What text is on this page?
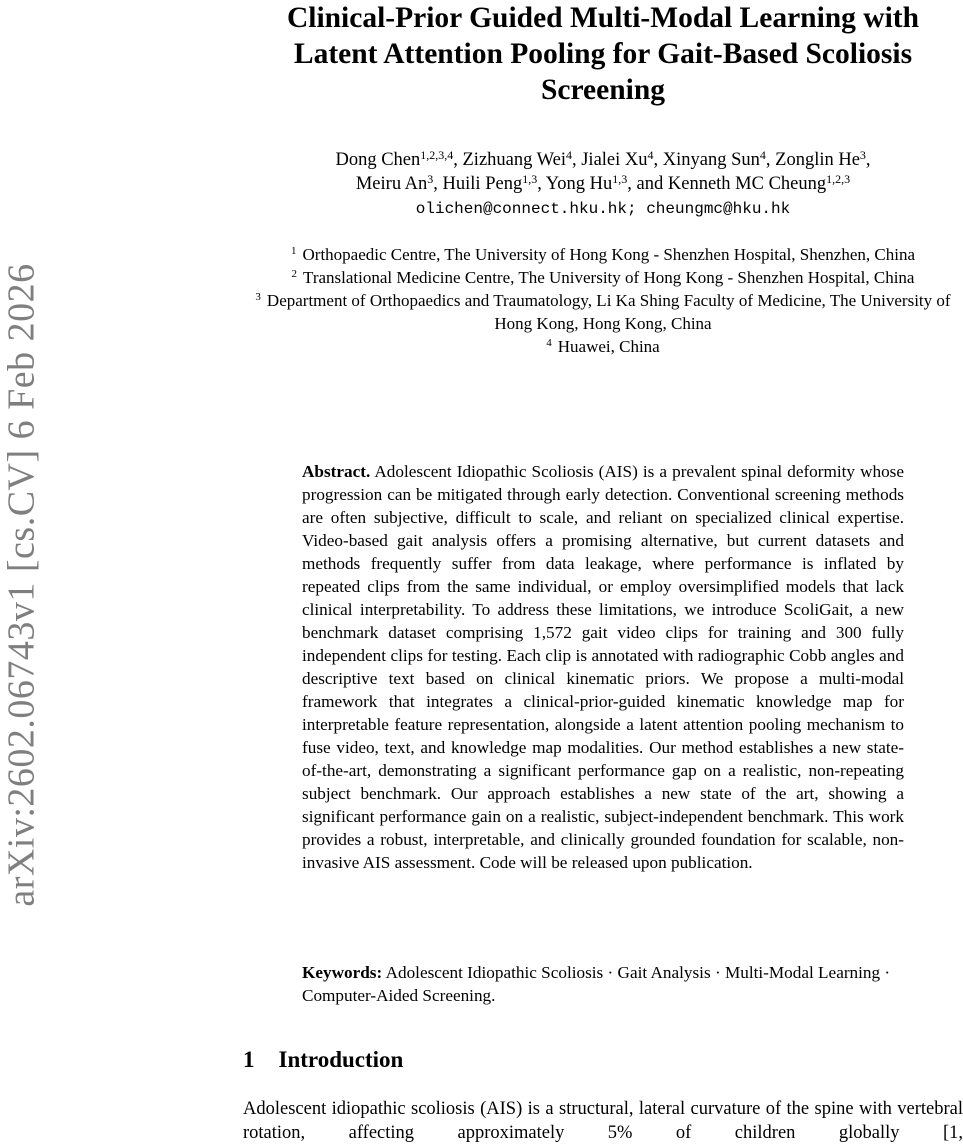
arXiv:2602.06743v1 [cs.CV] 6 Feb 2026
Clinical-Prior Guided Multi-Modal Learning with Latent Attention Pooling for Gait-Based Scoliosis Screening
Dong Chen$^{1,2,3,4}$, Zizhuang Wei$^4$, Jialei Xu$^4$, Xinyang Sun$^4$, Zonglin He$^3$,
Meiru An$^3$, Huili Peng$^{1,3}$, Yong Hu$^{1,3}$, and Kenneth MC Cheung$^{1,2,3}$
olichen@connect.hku.hk; cheungmc@hku.hk
$^1$ Orthopaedic Centre, The University of Hong Kong - Shenzhen Hospital, Shenzhen, China
$^2$ Translational Medicine Centre, The University of Hong Kong - Shenzhen Hospital, China
$^3$ Department of Orthopaedics and Traumatology, Li Ka Shing Faculty of Medicine, The University of Hong Kong, Hong Kong, China
$^4$ Huawei, China
Abstract. Adolescent Idiopathic Scoliosis (AIS) is a prevalent spinal deformity whose progression can be mitigated through early detection. Conventional screening methods are often subjective, difficult to scale, and reliant on specialized clinical expertise. Video-based gait analysis offers a promising alternative, but current datasets and methods frequently suffer from data leakage, where performance is inflated by repeated clips from the same individual, or employ oversimplified models that lack clinical interpretability. To address these limitations, we introduce ScoliGait, a new benchmark dataset comprising 1,572 gait video clips for training and 300 fully independent clips for testing. Each clip is annotated with radiographic Cobb angles and descriptive text based on clinical kinematic priors. We propose a multi-modal framework that integrates a clinical-prior-guided kinematic knowledge map for interpretable feature representation, alongside a latent attention pooling mechanism to fuse video, text, and knowledge map modalities. Our method establishes a new state-of-the-art, demonstrating a significant performance gap on a realistic, non-repeating subject benchmark. Our approach establishes a new state of the art, showing a significant performance gain on a realistic, subject-independent benchmark. This work provides a robust, interpretable, and clinically grounded foundation for scalable, non-invasive AIS assessment. Code will be released upon publication.
Keywords: Adolescent Idiopathic Scoliosis · Gait Analysis · Multi-Modal Learning · Computer-Aided Screening.
1 Introduction
Adolescent idiopathic scoliosis (AIS) is a structural, lateral curvature of the spine with vertebral rotation, affecting approximately 5% of children globally [1,
